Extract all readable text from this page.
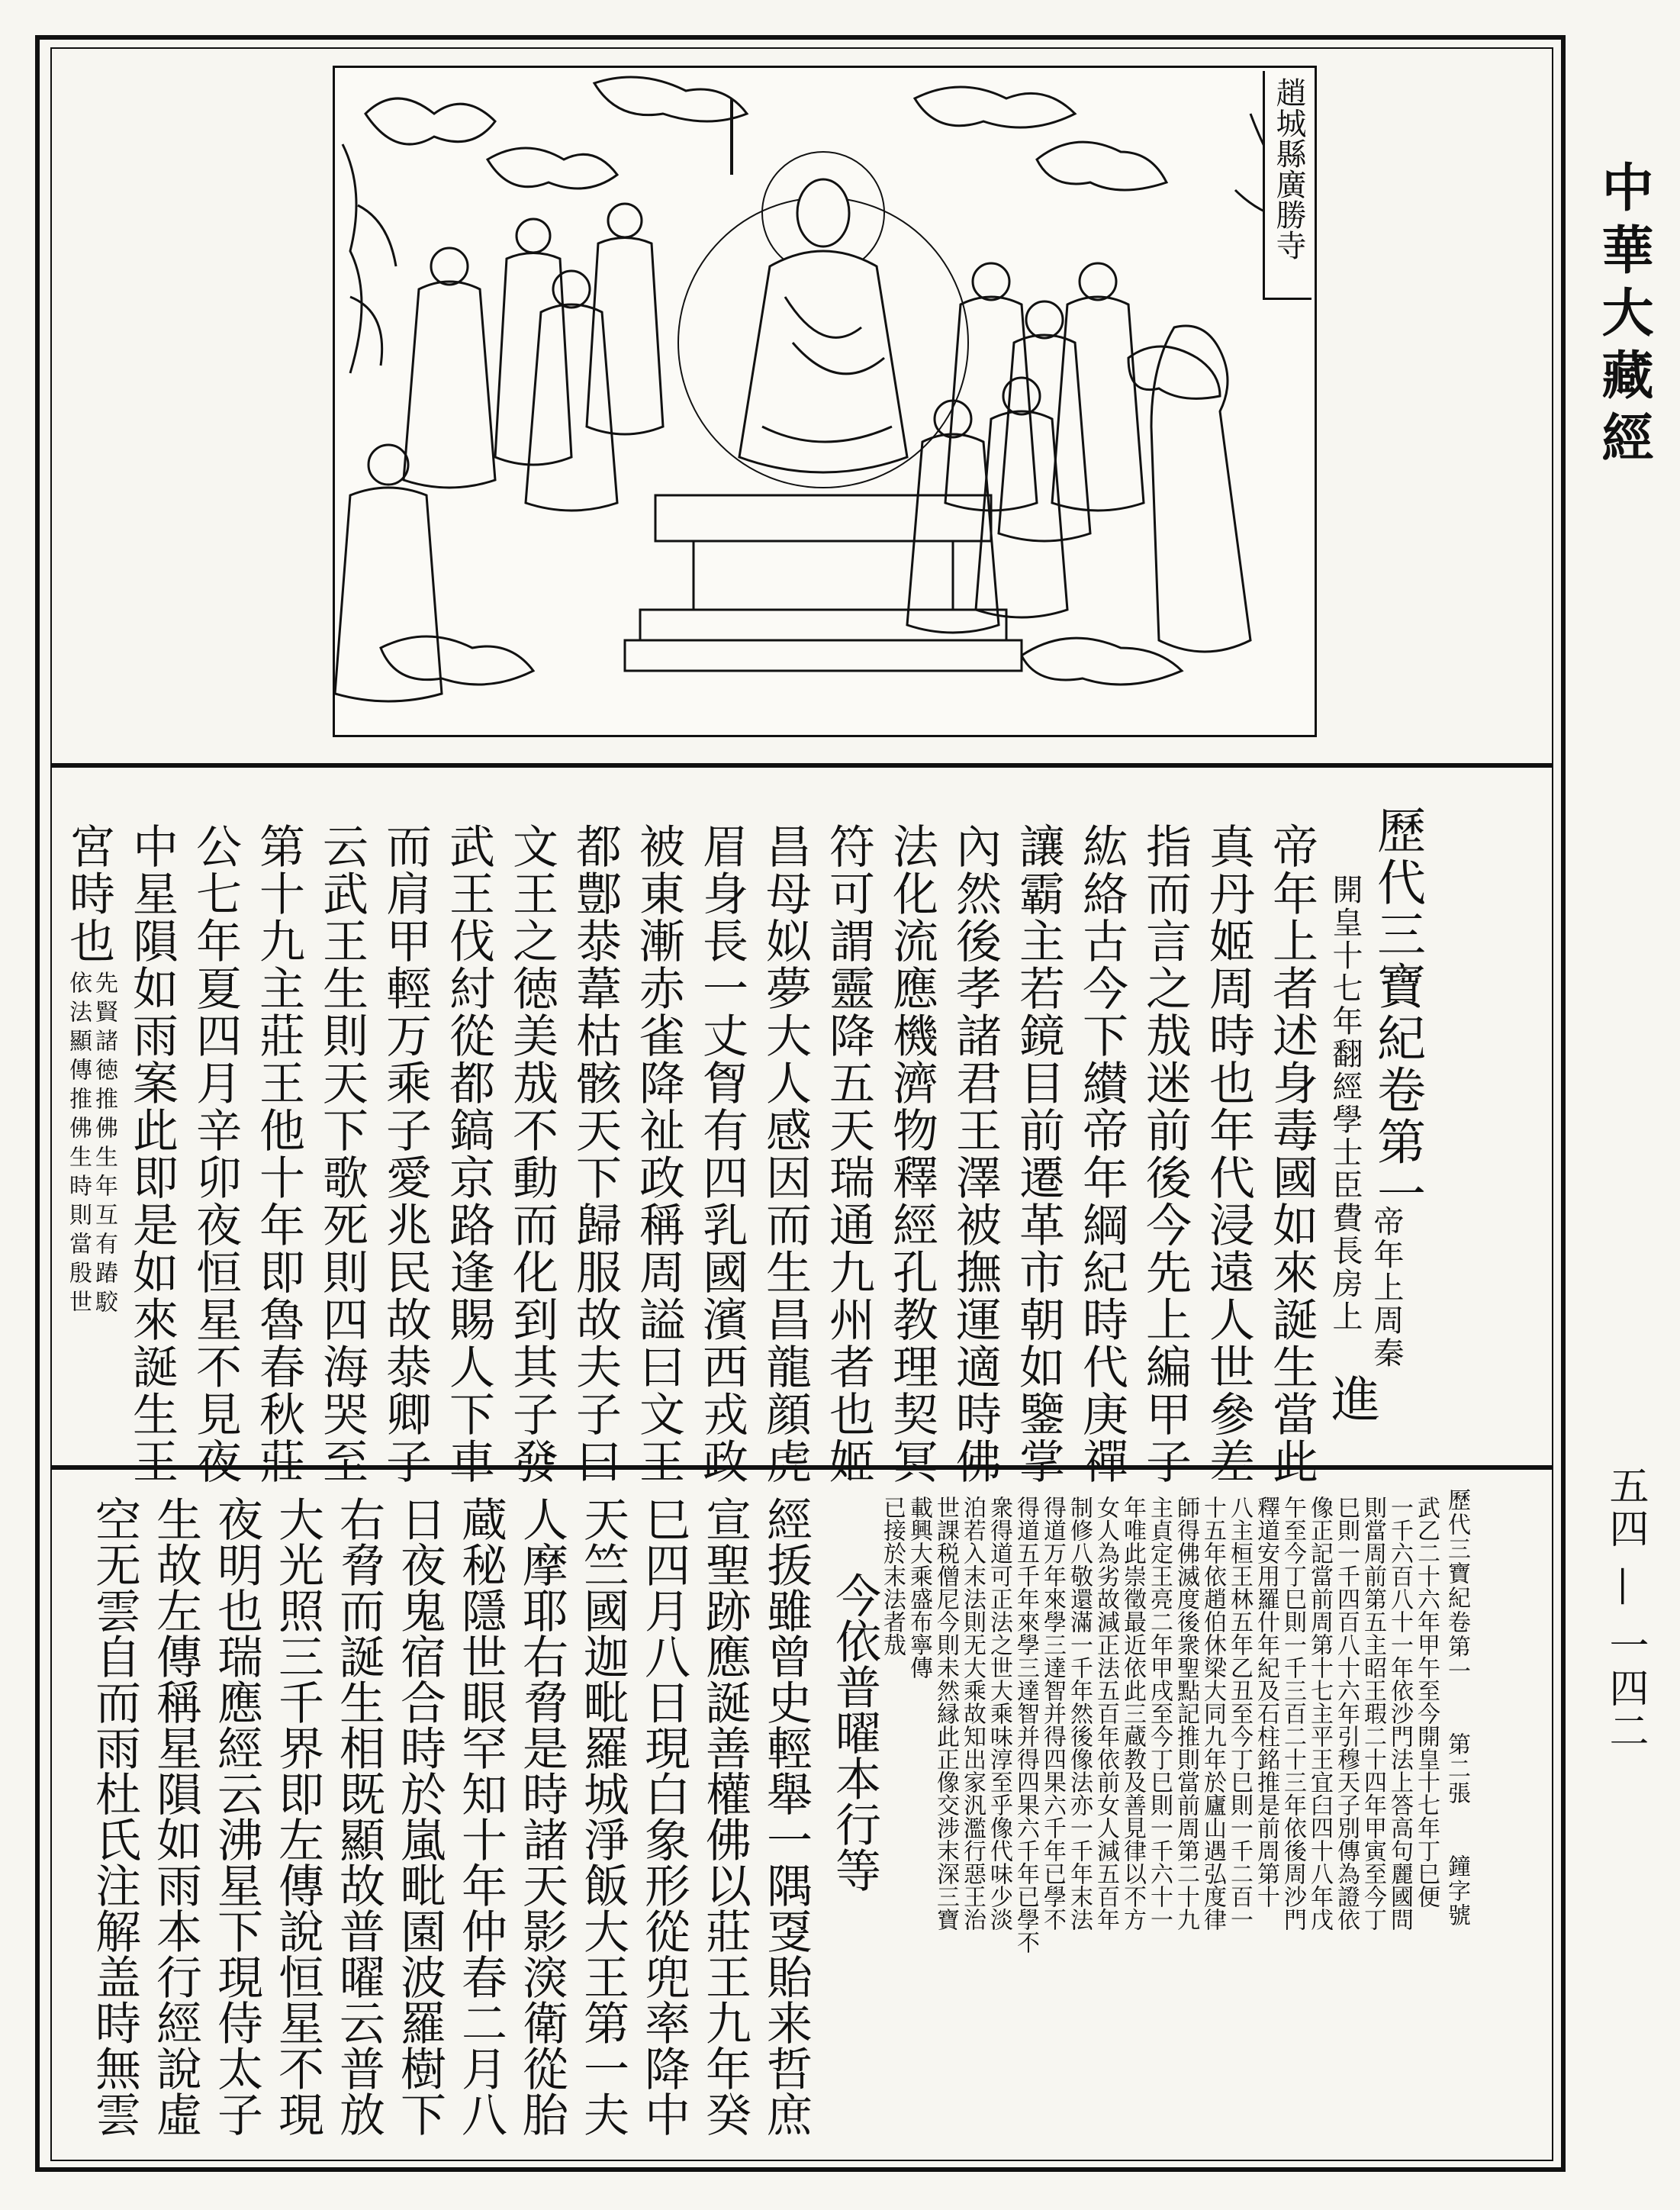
趙城縣廣勝寺	中華大藏經
五四 — 一四二
歷代三寶紀卷第一
帝年上周秦
開皇十七年翻經學士臣費長房上
進
帝年上者述身毒國如來誕生當此
真丹姬周時也年代浸遠人世參差
指而言之㦲迷前後今先上編甲子
紘絡古今下纉帝年綱紀時代庚禪
讓霸主若鏡目前遷革市朝如鑒掌
內然後孝諸君王澤被撫運適時佛
法化流應機濟物釋經孔教理契冥
符可謂靈降五天瑞通九州者也姬
昌母姒夢大人感因而生昌龍顔虎
眉身長一丈胷有四乳國濱西戎政
被東漸赤雀降祉政稱周謚曰文王
都鄷㳟葦枯骸天下歸服故夫子曰
文王之徳美㦲不動而化到其子發
武王伐紂從都鎬京路逢賜人下車
而肩甲輕万乘子愛兆民故㳟卿子
云武王生則天下歌死則四海哭至
第十九主莊王他十年即魯春秋莊
公七年夏四月辛卯夜恒星不見夜
中星隕如雨案此即是如來誕生王
宮時也
先賢諸徳推佛生年互有踳駮
依法顯傳推佛生時則當殷世
歷代三寶紀卷第一　　第二張　　鐘字號
武乙二十六年甲午至今開皇十七年丁巳便
一千六百八十一年依沙門法上答高句麗國問
則當周前第五主昭王瑕二十四年甲寅至今丁
巳則一千四百八十六年引穆天子別傳為證依
像正記當前周第十七主平王宜臼四十八年戊
午至今丁巳則一千三百二十三年依後周沙門
釋道安用羅什年紀及石柱銘推是前周第十
八主桓王林五年乙丑至今丁巳則一千二百一
十五年依趙伯休梁大同九年於廬山遇弘度律
師得佛滅度後衆聖點記推則當前周第二十九
主貞定王亮二年甲戌至今丁巳則一千六十一
年唯此崇徵最近依此三蔵教及善見律以不方
女人為劣故減正法五百年依前女人減五百年
制修八敬還滿一千年然後像法亦一千年末法
得道万年來學三達智并得四果六千年已學不
得道五千年來學三達智并得四果六千年已學不
衆得道可正法之世大乘味淳至乎像代味少淡
泊若入末法則无大乘故知出家汎濫行惡王治
世課税僧尼今則未然縁此正像交涉末深三寶
載興大乘盛布寧傳
已接於末法者㦲
今依普曜本行等
經㧞雖曾史輕舉一隅㪅貽来哲庶
宣聖跡應誕善權佛以莊王九年癸
巳四月八日現白象形從兜率降中
天竺國迦毗羅城淨飯大王第一夫
人摩耶右脅是時諸天影㴱衛從胎
蔵秘隱世眼罕知十年仲春二月八
日夜鬼宿合時於嵐毗園波羅樹下
右脅而誕生相既顯故普曜云普放
大光照三千界即左傳說恒星不現
夜明也瑞應經云沸星下現侍太子
生故左傳稱星隕如雨本行經說虛
空无雲自而雨杜氏注解盖時無雲
